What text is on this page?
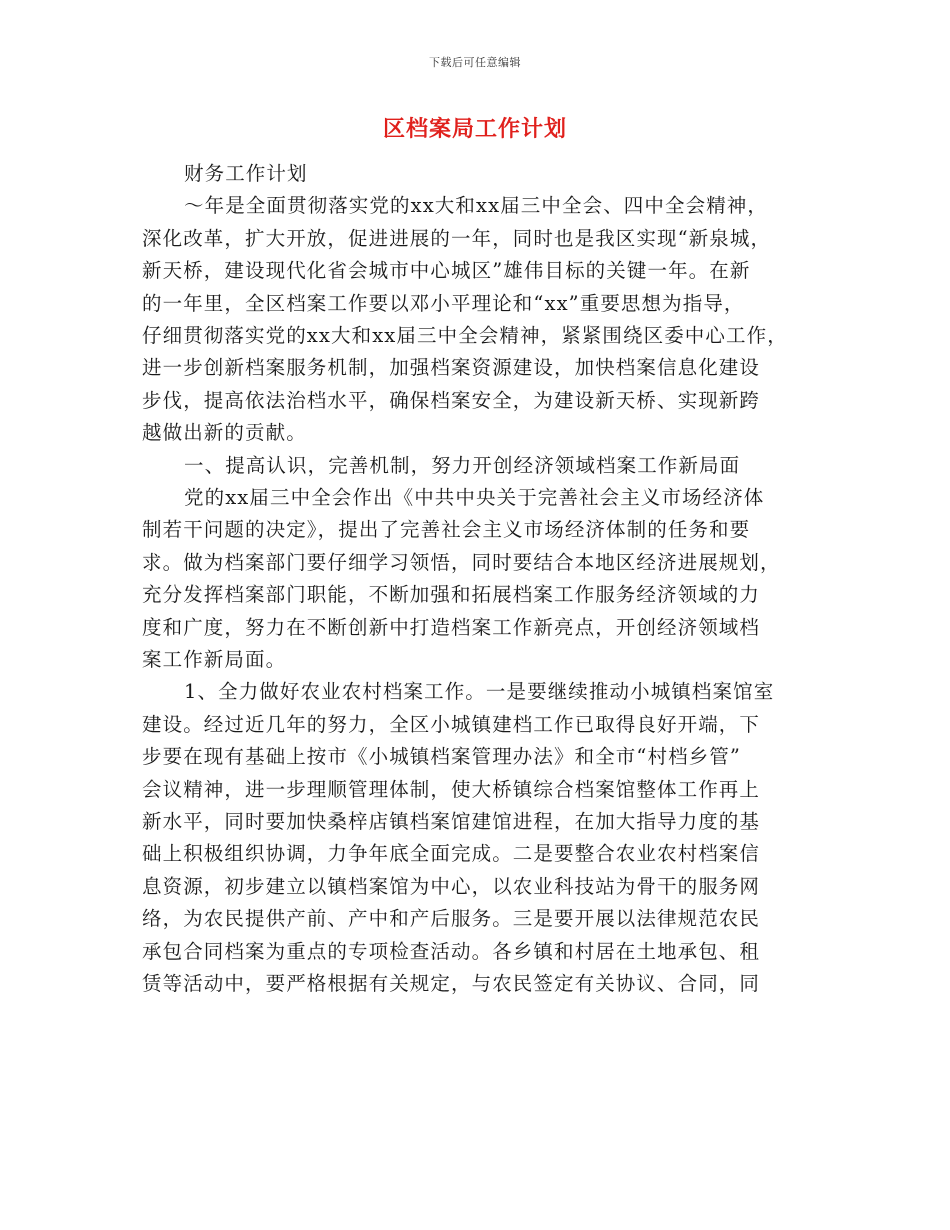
下载后可任意编辑
区档案局工作计划
财务工作计划
～年是全面贯彻落实党的xx大和xx届三中全会、四中全会精神，
深化改革，扩大开放，促进进展的一年，同时也是我区实现“新泉城，
新天桥，建设现代化省会城市中心城区”雄伟目标的关键一年。在新
的一年里，全区档案工作要以邓小平理论和“xx”重要思想为指导，
仔细贯彻落实党的xx大和xx届三中全会精神，紧紧围绕区委中心工作，
进一步创新档案服务机制，加强档案资源建设，加快档案信息化建设
步伐，提高依法治档水平，确保档案安全，为建设新天桥、实现新跨
越做出新的贡献。
一、提高认识，完善机制，努力开创经济领域档案工作新局面
党的xx届三中全会作出《中共中央关于完善社会主义市场经济体
制若干问题的决定》，提出了完善社会主义市场经济体制的任务和要
求。做为档案部门要仔细学习领悟，同时要结合本地区经济进展规划，
充分发挥档案部门职能，不断加强和拓展档案工作服务经济领域的力
度和广度，努力在不断创新中打造档案工作新亮点，开创经济领域档
案工作新局面。
1、全力做好农业农村档案工作。一是要继续推动小城镇档案馆室
建设。经过近几年的努力，全区小城镇建档工作已取得良好开端，下
步要在现有基础上按市《小城镇档案管理办法》和全市“村档乡管”
会议精神，进一步理顺管理体制，使大桥镇综合档案馆整体工作再上
新水平，同时要加快桑梓店镇档案馆建馆进程，在加大指导力度的基
础上积极组织协调，力争年底全面完成。二是要整合农业农村档案信
息资源，初步建立以镇档案馆为中心，以农业科技站为骨干的服务网
络，为农民提供产前、产中和产后服务。三是要开展以法律规范农民
承包合同档案为重点的专项检查活动。各乡镇和村居在土地承包、租
赁等活动中，要严格根据有关规定，与农民签定有关协议、合同，同
